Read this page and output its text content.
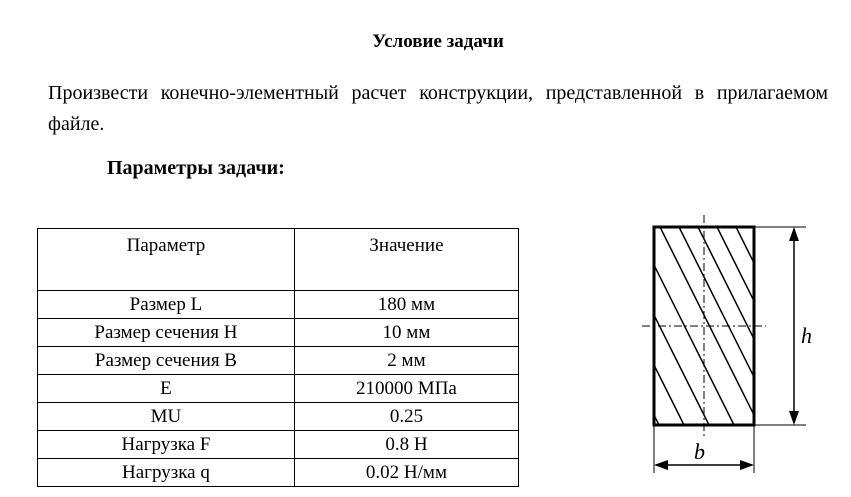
Условие задачи
Произвести конечно-элементный расчет конструкции, представленной в прилагаемом файле.
Параметры задачи:
Параметр	Значение
Размер L	180 мм
Размер сечения H	10 мм
Размер сечения B	2 мм
E	210000 МПа
MU	0.25
Нагрузка F	0.8 Н
Нагрузка q	0.02 Н/мм
h
b
